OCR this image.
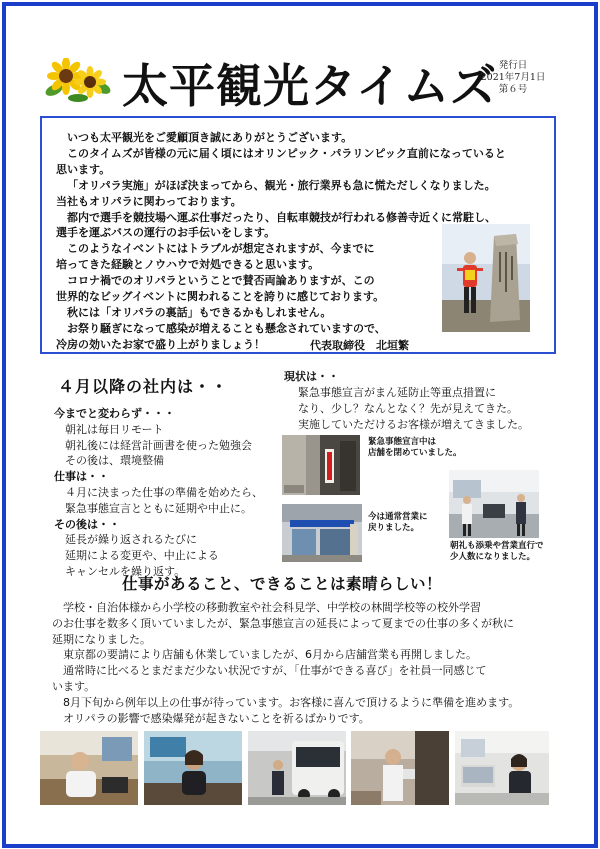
太平観光タイムズ 発行日
2021年7月1日
第６号
いつも太平観光をご愛顧頂き誠にありがとうございます。
このタイムズが皆様の元に届く頃にはオリンピック・パラリンピック直前になっていると
思います。
「オリパラ実施」がほぼ決まってから、観光・旅行業界も急に慌ただしくなりました。
当社もオリパラに関わっております。
都内で選手を競技場へ運ぶ仕事だったり、自転車競技が行われる修善寺近くに常駐し、
選手を運ぶバスの運行のお手伝いをします。
このようなイベントにはトラブルが想定されますが、今までに
培ってきた経験とノウハウで対処できると思います。
コロナ禍でのオリパラということで賛否両論ありますが、この
世界的なビッグイベントに関われることを誇りに感じております。
秋には「オリパラの裏話」もできるかもしれません。
お祭り騒ぎになって感染が増えることも懸念されていますので、
冷房の効いたお家で盛り上がりましょう！	代表取締役　北垣繁
４月以降の社内は・・
今までと変わらず・・・
　朝礼は毎日リモート
　朝礼後には経営計画書を使った勉強会
　その後は、環境整備
仕事は・・
　４月に決まった仕事の準備を始めたら、
　緊急事態宣言とともに延期や中止に。
その後は・・
　延長が繰り返されるたびに
　延期による変更や、中止による
　キャンセルを繰り返す。
現状は・・
緊急事態宣言がまん延防止等重点措置に
なり、少し？なんとなく？先が見えてきた。
実施していただけるお客様が増えてきました。
緊急事態宣言中は
店舗を閉めていました。
今は通常営業に
戻りました。
朝礼も添乗や営業直行で
少人数になりました。
仕事があること、できることは素晴らしい！
　学校・自治体様から小学校の移動教室や社会科見学、中学校の林間学校等の校外学習
のお仕事を数多く頂いていましたが、緊急事態宣言の延長によって夏までの仕事の多くが秋に
延期になりました。
　東京都の要請により店舗も休業していましたが、6月から店舗営業も再開しました。
　通常時に比べるとまだまだ少ない状況ですが、「仕事ができる喜び」を社員一同感じて
います。
　8月下旬から例年以上の仕事が待っています。お客様に喜んで頂けるように準備を進めます。
　オリパラの影響で感染爆発が起きないことを祈るばかりです。
